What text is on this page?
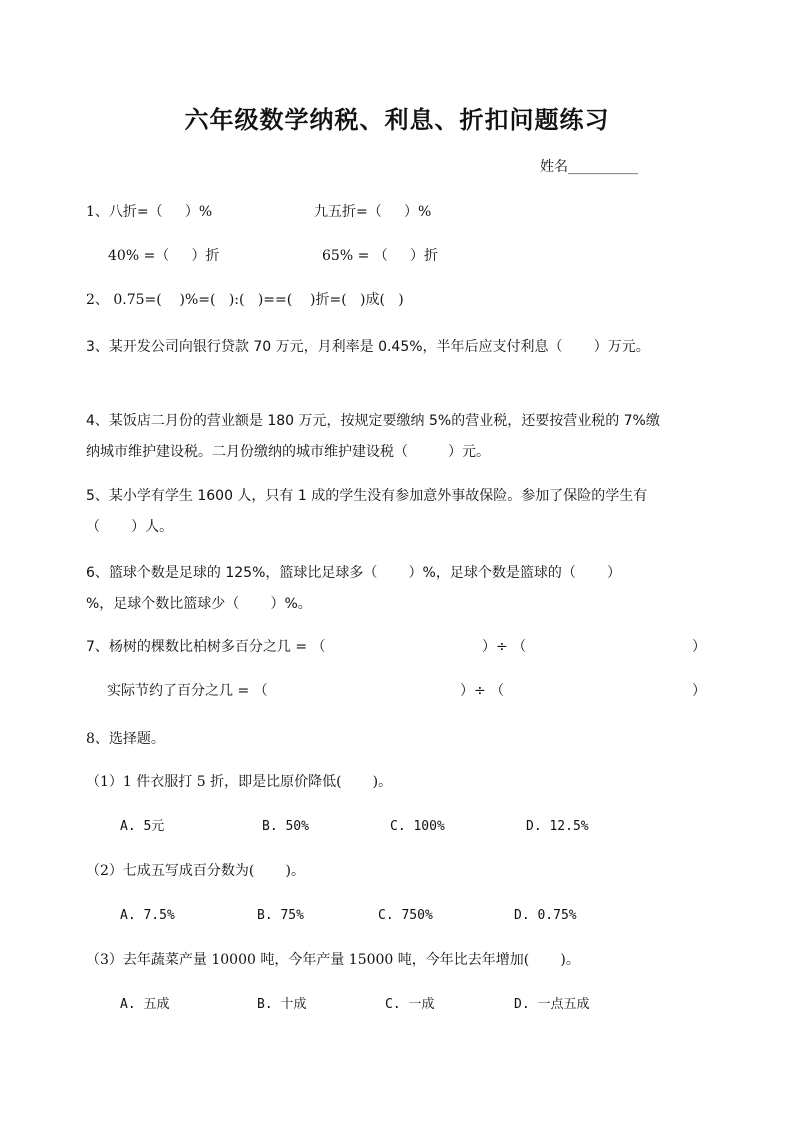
六年级数学纳税、利息、折扣问题练习
姓名__________
1、八折=（     ）%	九五折=（     ）%
40% =（     ）折	65% = （     ）折
2、 0.75=(    )%=(   ):(   )==(    )折=(   )成(   )
3、某开发公司向银行贷款 70 万元，月利率是 0.45%，半年后应支付利息（       ）万元。
4、某饭店二月份的营业额是 180 万元，按规定要缴纳 5%的营业税，还要按营业税的 7%缴
纳城市维护建设税。二月份缴纳的城市维护建设税（         ）元。
5、某小学有学生 1600 人，只有 1 成的学生没有参加意外事故保险。参加了保险的学生有
（       ）人。
6、篮球个数是足球的 125%，篮球比足球多（       ）%，足球个数是篮球的（       ）
%，足球个数比篮球少（       ）%。
7、杨树的棵数比柏树多百分之几 = （	）÷ （	）
实际节约了百分之几 = （	）÷ （	）
8、选择题。
（1）1 件衣服打 5 折，即是比原价降低(       )。
A. 5元	B. 50%	C. 100%	D. 12.5%
（2）七成五写成百分数为(       )。
A. 7.5%	B. 75%	C. 750%	D. 0.75%
（3）去年蔬菜产量 10000 吨，今年产量 15000 吨，今年比去年增加(       )。
A. 五成	B. 十成	C. 一成	D. 一点五成
